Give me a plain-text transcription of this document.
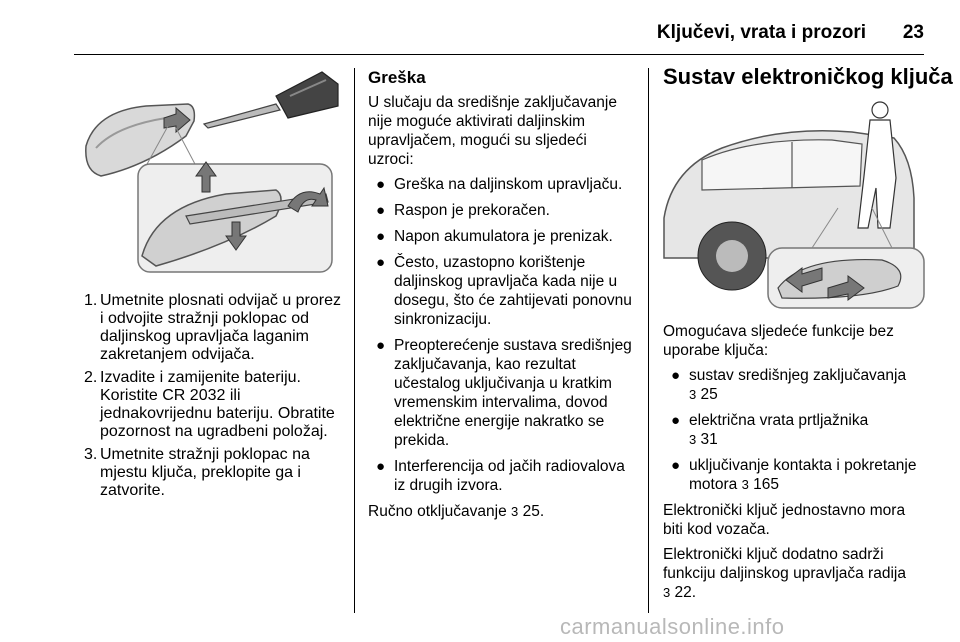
Ključevi, vrata i prozori 23
1. Umetnite plosnati odvijač u prorez i odvojite stražnji poklopac od daljinskog upravljača laganim zakretanjem odvijača.
2. Izvadite i zamijenite bateriju. Koristite CR 2032 ili jednakovrijednu bateriju. Obratite pozornost na ugradbeni položaj.
3. Umetnite stražnji poklopac na mjestu ključa, preklopite ga i zatvorite.
Greška

U slučaju da središnje zaključavanje nije moguće aktivirati daljinskim upravljačem, mogući su sljedeći uzroci:

● Greška na daljinskom upravljaču.
● Raspon je prekoračen.
● Napon akumulatora je prenizak.
● Često, uzastopno korištenje daljinskog upravljača kada nije u dosegu, što će zahtijevati ponovnu sinkronizaciju.
● Preopterećenje sustava središnjeg zaključavanja, kao rezultat učestalog uključivanja u kratkim vremenskim intervalima, dovod električne energije nakratko se prekida.
● Interferencija od jačih radiovalova iz drugih izvora.

Ručno otključavanje 3 25.

Sustav elektroničkog ključa

Omogućava sljedeće funkcije bez uporabe ključa:

● sustav središnjeg zaključavanja
3 25
● električna vrata prtljažnika
3 31
● uključivanje kontakta i pokretanje motora 3 165

Elektronički ključ jednostavno mora biti kod vozača.

Elektronički ključ dodatno sadrži funkciju daljinskog upravljača radija
3 22.

carmanualsonline.info
